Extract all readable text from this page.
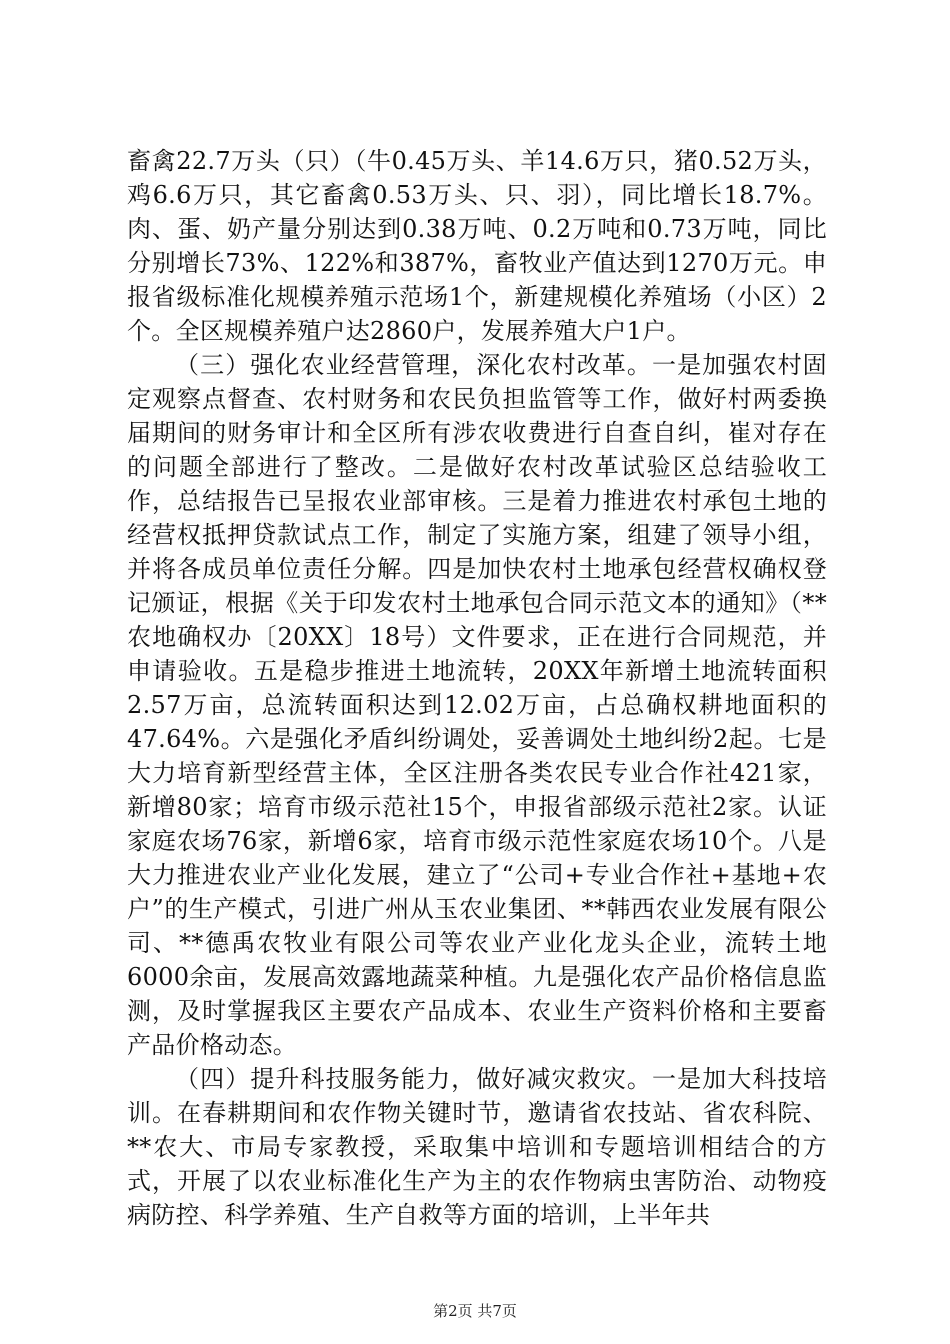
畜禽22.7万头（只）（牛0.45万头、羊14.6万只，猪0.52万头，鸡6.6万只，其它畜禽0.53万头、只、羽），同比增长18.7%。肉、蛋、奶产量分别达到0.38万吨、0.2万吨和0.73万吨，同比分别增长73%、122%和387%，畜牧业产值达到1270万元。申报省级标准化规模养殖示范场1个，新建规模化养殖场（小区）2个。全区规模养殖户达2860户，发展养殖大户1户。

（三）强化农业经营管理，深化农村改革。一是加强农村固定观察点督查、农村财务和农民负担监管等工作，做好村两委换届期间的财务审计和全区所有涉农收费进行自查自纠，崔对存在的问题全部进行了整改。二是做好农村改革试验区总结验收工作，总结报告已呈报农业部审核。三是着力推进农村承包土地的经营权抵押贷款试点工作，制定了实施方案，组建了领导小组，并将各成员单位责任分解。四是加快农村土地承包经营权确权登记颁证，根据《关于印发农村土地承包合同示范文本的通知》（**农地确权办〔20XX〕18号）文件要求，正在进行合同规范，并申请验收。五是稳步推进土地流转，20XX年新增土地流转面积2.57万亩，总流转面积达到12.02万亩，占总确权耕地面积的47.64%。六是强化矛盾纠纷调处，妥善调处土地纠纷2起。七是大力培育新型经营主体，全区注册各类农民专业合作社421家，新增80家；培育市级示范社15个，申报省部级示范社2家。认证家庭农场76家，新增6家，培育市级示范性家庭农场10个。八是大力推进农业产业化发展，建立了“公司+专业合作社+基地+农户”的生产模式，引进广州从玉农业集团、**韩西农业发展有限公司、**德禹农牧业有限公司等农业产业化龙头企业，流转土地6000余亩，发展高效露地蔬菜种植。九是强化农产品价格信息监测，及时掌握我区主要农产品成本、农业生产资料价格和主要畜产品价格动态。

（四）提升科技服务能力，做好减灾救灾。一是加大科技培训。在春耕期间和农作物关键时节，邀请省农技站、省农科院、**农大、市局专家教授，采取集中培训和专题培训相结合的方式，开展了以农业标准化生产为主的农作物病虫害防治、动物疫病防控、科学养殖、生产自救等方面的培训，上半年共

第2页 共7页
